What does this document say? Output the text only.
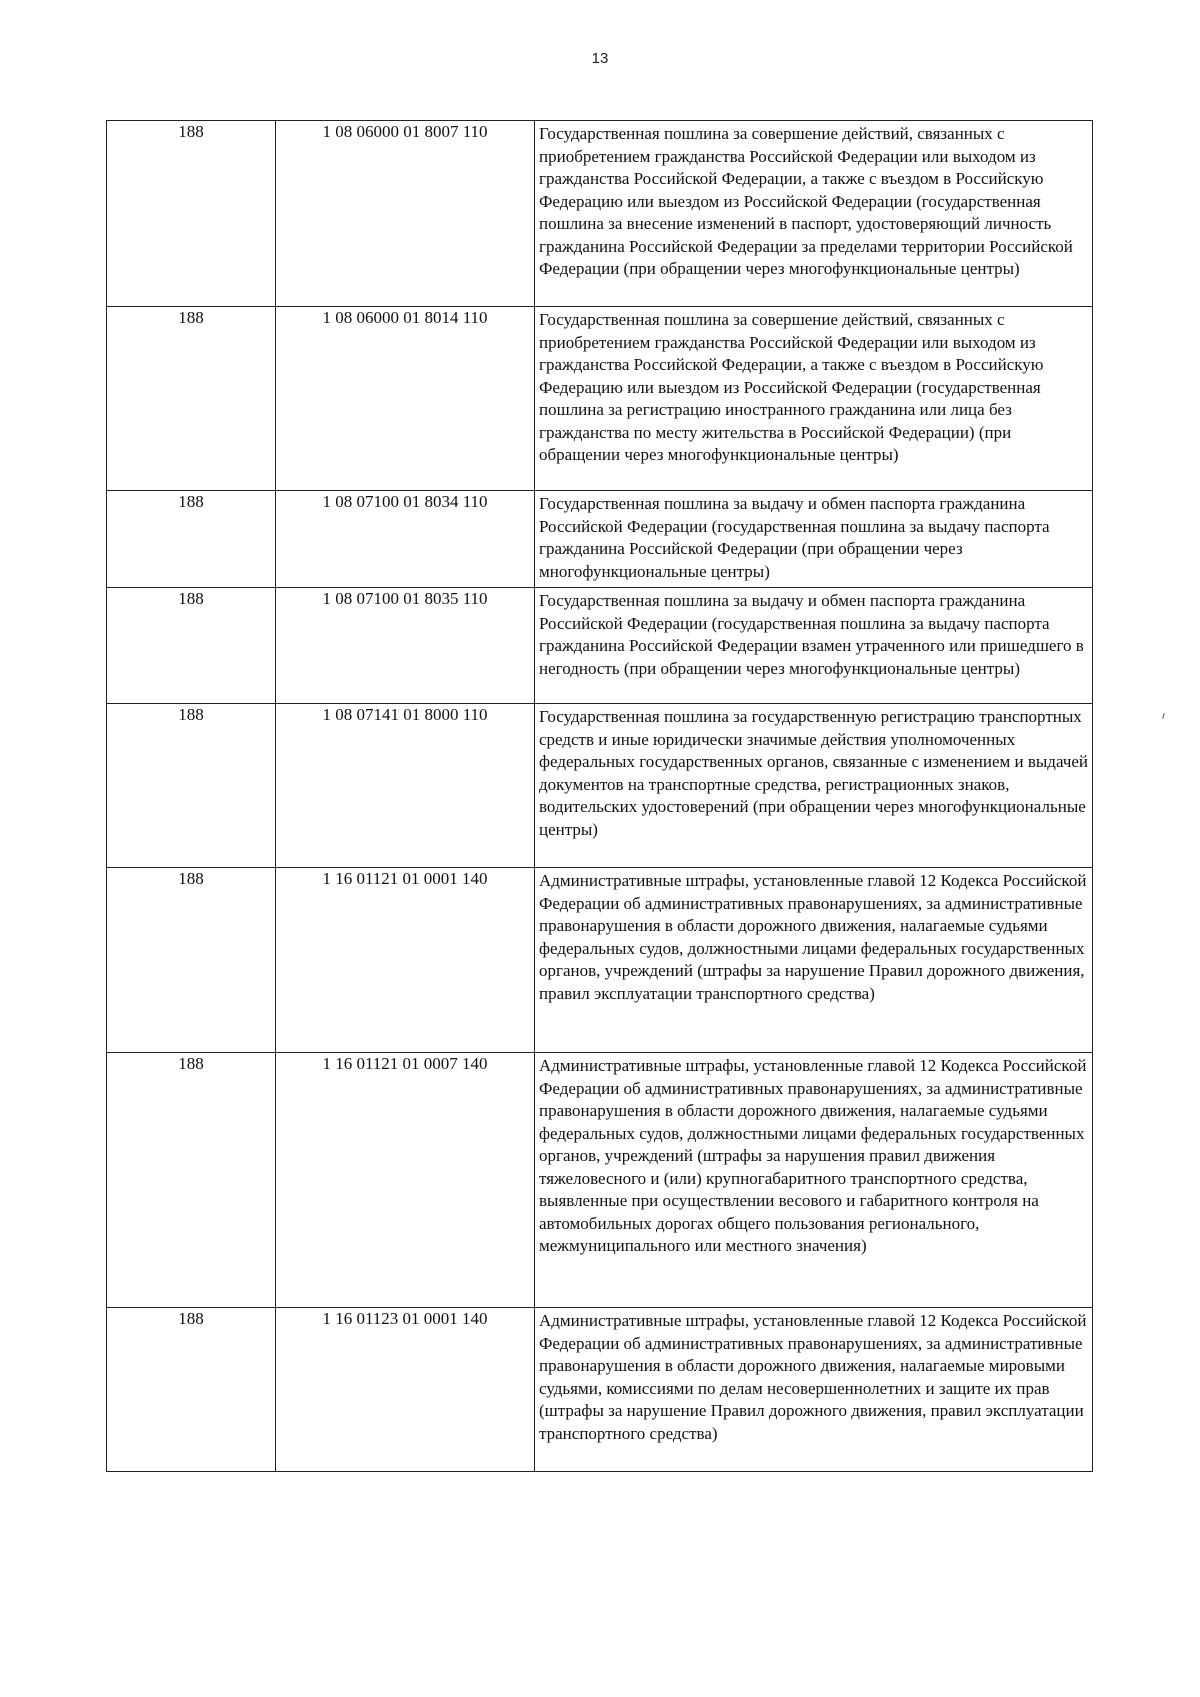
13
188	1 08 06000 01 8007 110	Государственная пошлина за совершение действий, связанных с приобретением гражданства Российской Федерации или выходом из гражданства Российской Федерации, а также с въездом в Российскую Федерацию или выездом из Российской Федерации (государственная пошлина за внесение изменений в паспорт, удостоверяющий личность гражданина Российской Федерации за пределами территории Российской Федерации (при обращении через многофункциональные центры)
188	1 08 06000 01 8014 110	Государственная пошлина за совершение действий, связанных с приобретением гражданства Российской Федерации или выходом из гражданства Российской Федерации, а также с въездом в Российскую Федерацию или выездом из Российской Федерации (государственная пошлина за регистрацию иностранного гражданина или лица без гражданства по месту жительства в Российской Федерации) (при обращении через многофункциональные центры)
188	1 08 07100 01 8034 110	Государственная пошлина за выдачу и обмен паспорта гражданина Российской Федерации (государственная пошлина за выдачу паспорта гражданина Российской Федерации (при обращении через многофункциональные центры)
188	1 08 07100 01 8035 110	Государственная пошлина за выдачу и обмен паспорта гражданина Российской Федерации (государственная пошлина за выдачу паспорта гражданина Российской Федерации взамен утраченного или пришедшего в негодность (при обращении через многофункциональные центры)
188	1 08 07141 01 8000 110	Государственная пошлина за государственную регистрацию транспортных средств и иные юридически значимые действия уполномоченных федеральных государственных органов, связанные с изменением и выдачей документов на транспортные средства, регистрационных знаков, водительских удостоверений (при обращении через многофункциональные центры)
188	1 16 01121 01 0001 140	Административные штрафы, установленные главой 12 Кодекса Российской Федерации об административных правонарушениях, за административные правонарушения в области дорожного движения, налагаемые судьями федеральных судов, должностными лицами федеральных государственных органов, учреждений (штрафы за нарушение Правил дорожного движения, правил эксплуатации транспортного средства)
188	1 16 01121 01 0007 140	Административные штрафы, установленные главой 12 Кодекса Российской Федерации об административных правонарушениях, за административные правонарушения в области дорожного движения, налагаемые судьями федеральных судов, должностными лицами федеральных государственных органов, учреждений (штрафы за нарушения правил движения тяжеловесного и (или) крупногабаритного транспортного средства, выявленные при осуществлении весового и габаритного контроля на автомобильных дорогах общего пользования регионального, межмуниципального или местного значения)
188	1 16 01123 01 0001 140	Административные штрафы, установленные главой 12 Кодекса Российской Федерации об административных правонарушениях, за административные правонарушения в области дорожного движения, налагаемые мировыми судьями, комиссиями по делам несовершеннолетних и защите их прав (штрафы за нарушение Правил дорожного движения, правил эксплуатации транспортного средства)
